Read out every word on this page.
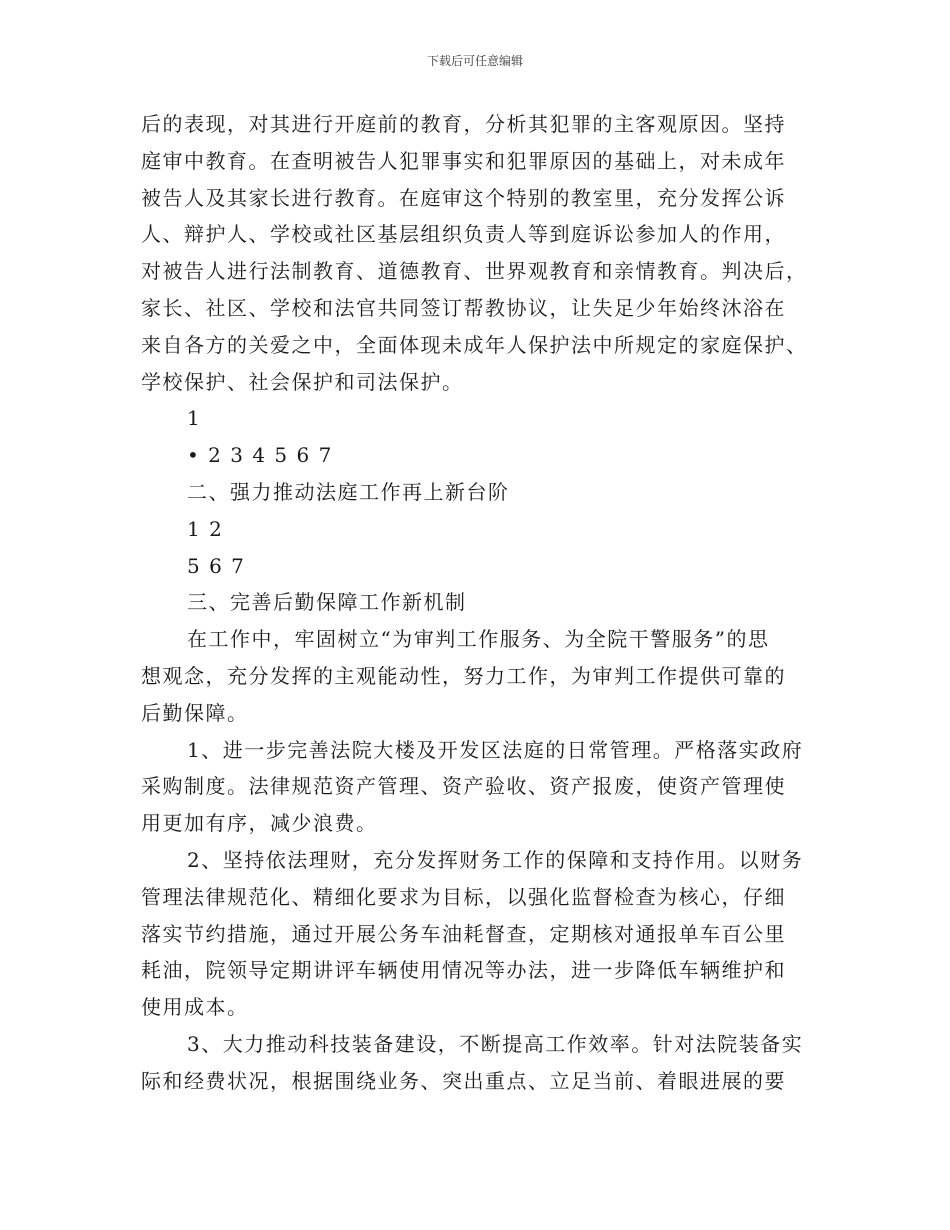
下载后可任意编辑

后的表现，对其进行开庭前的教育，分析其犯罪的主客观原因。坚持

庭审中教育。在查明被告人犯罪事实和犯罪原因的基础上，对未成年

被告人及其家长进行教育。在庭审这个特别的教室里，充分发挥公诉

人、辩护人、学校或社区基层组织负责人等到庭诉讼参加人的作用，

对被告人进行法制教育、道德教育、世界观教育和亲情教育。判决后，

家长、社区、学校和法官共同签订帮教协议，让失足少年始终沐浴在

来自各方的关爱之中，全面体现未成年人保护法中所规定的家庭保护、

学校保护、社会保护和司法保护。

1

• 2 3 4 5 6 7

二、强力推动法庭工作再上新台阶

1 2

5 6 7

三、完善后勤保障工作新机制

在工作中，牢固树立“为审判工作服务、为全院干警服务”的思

想观念，充分发挥的主观能动性，努力工作，为审判工作提供可靠的

后勤保障。

1、进一步完善法院大楼及开发区法庭的日常管理。严格落实政府

采购制度。法律规范资产管理、资产验收、资产报废，使资产管理使

用更加有序，减少浪费。

2、坚持依法理财，充分发挥财务工作的保障和支持作用。以财务

管理法律规范化、精细化要求为目标，以强化监督检查为核心，仔细

落实节约措施，通过开展公务车油耗督查，定期核对通报单车百公里

耗油，院领导定期讲评车辆使用情况等办法，进一步降低车辆维护和

使用成本。

3、大力推动科技装备建设，不断提高工作效率。针对法院装备实

际和经费状况，根据围绕业务、突出重点、立足当前、着眼进展的要
